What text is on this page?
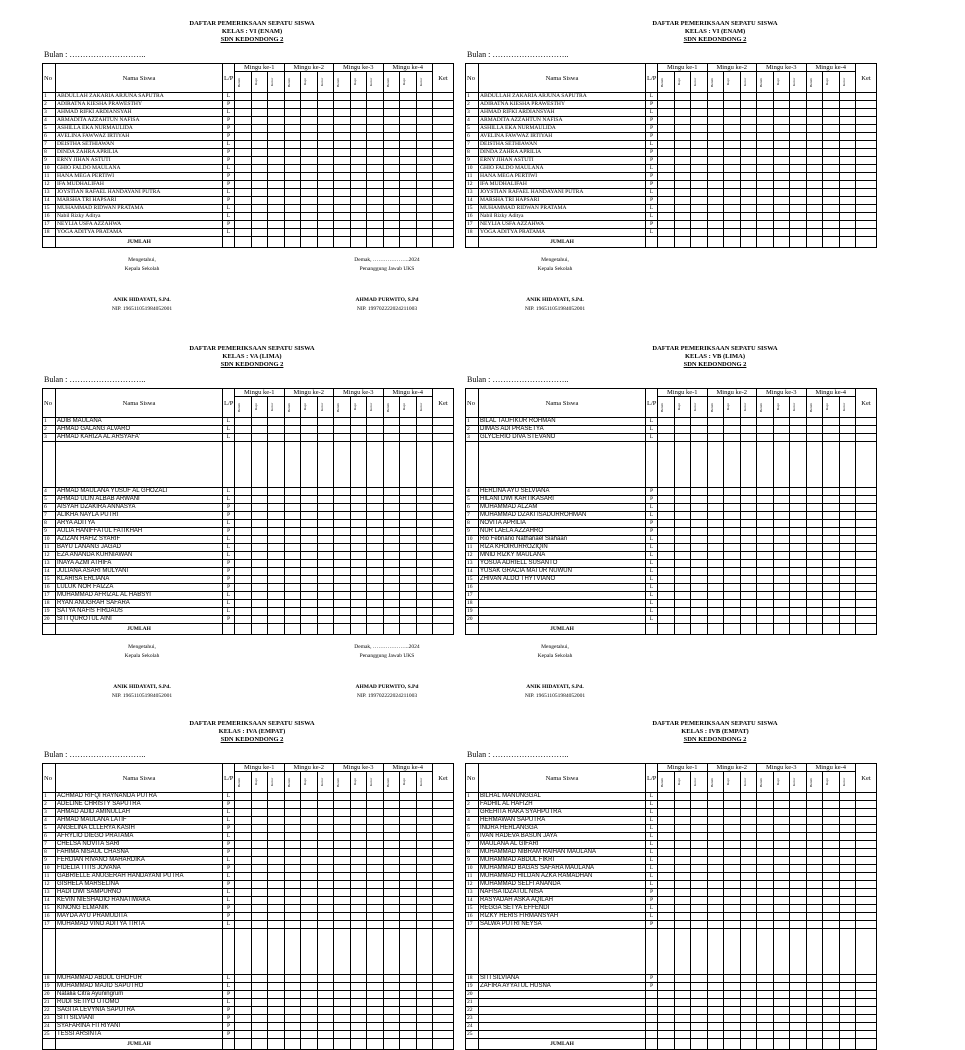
DAFTAR PEMERIKSAAN SEPATU SISWA
KELAS : VI (ENAM)
SDN KEDONDONG 2
Bulan : ………………………..
No	Nama Siswa	L/P	Mingu ke-1			Mingu ke-2			Mingu ke-3			Mingu ke-4			Ket

			Bersih	Rapi	Kotor	Bersih	Rapi	Kotor	Bersih	Rapi	Kotor	Bersih	Rapi	Kotor	

1	ABDULLAH ZAKARIA ARJUNA SAPUTRA	L													
2	ADIRATNA KIESHA PRAWESTHY	P													
3	AHMAD RIFKI ARDIANSYAH	L													
4	ARMADITA AZZAHTUN NAFISA	P													
5	ASHILLA EKA NURMAULIDA	P													
6	AVELINA FAWWAZ IRTIYAH	P													
7	DEISTHA SETHIAWAN	L													
8	DINDA ZAHRA APRILIA	P													
9	ERNY JIHAN ASTUTI	P													
10	GHIO FALDO MAULANA	L													
11	HANA MEGA PERTIWI	P													
12	IFA MUDHALIFAH	P													
13	JOYSTIAN RAFAEL HANDAYANI PUTRA	L													
14	MARSHA TRI HAPSARI	P													
15	MUHAMMAD RIDWAN PRATAMA	L													
16	Nabil Rizky Aditya	L													
17	NEYLIA USFA AZZAHWA	P													
18	YOGA ADITYA PRATAMA	L													
	JUMLAH														
Mengetahui,
Kepala Sekolah
Demak, ………………..2024
Penanggung Jawab UKS
ANIK HIDAYATI, S.Pd.
NIP. 196511051984052001
AHMAD PURWITO, S.Pd
NIP. 199702222024211003
DAFTAR PEMERIKSAAN SEPATU SISWA
KELAS : VI (ENAM)
SDN KEDONDONG 2
Bulan : ………………………..
No	Nama Siswa	L/P	Mingu ke-1			Mingu ke-2			Mingu ke-3			Mingu ke-4			Ket

			Bersih	Rapi	Kotor	Bersih	Rapi	Kotor	Bersih	Rapi	Kotor	Bersih	Rapi	Kotor	

1	ABDULLAH ZAKARIA ARJUNA SAPUTRA	L													
2	ADIRATNA KIESHA PRAWESTHY	P													
3	AHMAD RIFKI ARDIANSYAH	L													
4	ARMADITA AZZAHTUN NAFISA	P													
5	ASHILLA EKA NURMAULIDA	P													
6	AVELINA FAWWAZ IRTIYAH	P													
7	DEISTHA SETHIAWAN	L													
8	DINDA ZAHRA APRILIA	P													
9	ERNY JIHAN ASTUTI	P													
10	GHIO FALDO MAULANA	L													
11	HANA MEGA PERTIWI	P													
12	IFA MUDHALIFAH	P													
13	JOYSTIAN RAFAEL HANDAYANI PUTRA	L													
14	MARSHA TRI HAPSARI	P													
15	MUHAMMAD RIDWAN PRATAMA	L													
16	Nabil Rizky Aditya	L													
17	NEYLIA USFA AZZAHWA	P													
18	YOGA ADITYA PRATAMA	L													
	JUMLAH														
Mengetahui,
Kepala Sekolah
ANIK HIDAYATI, S.Pd.
NIP. 196511051984052001
DAFTAR PEMERIKSAAN SEPATU SISWA
KELAS : VA (LIMA)
SDN KEDONDONG 2
Bulan : ………………………..
No	Nama Siswa	L/P	Mingu ke-1			Mingu ke-2			Mingu ke-3			Mingu ke-4			Ket

			Bersih	Rapi	Kotor	Bersih	Rapi	Kotor	Bersih	Rapi	Kotor	Bersih	Rapi	Kotor	

1	ADIB MAULANA	L													
2	AHMAD GALANG ALVARO	L													
3	AHMAD KARIZA AL ARSYAFA'	L													

4	AHMAD MAULANA YUSUF AL GHOZALI	L													
5	AHMAD ULIN ALBAB ARWANI	L													
6	AISYAH DZAKIRA ANNASYA	P													
7	ALIKHA NAYLA PUTRI	P													
8	ARYA ADITYA	L													
9	AULIA HANIFFATUL FATIKHAH	P													
10	AZIZAN HAFIZ SYARIF	L													
11	BAYU LANANG JAGAD	L													
12	EZA ANANDA KURNIAWAN	L													
13	INAYA AZMI ATHIFA	P													
14	JULIANA ASARI MULYANI	P													
15	KLARISA ERLIANA	P													
16	LULUK NOR FAIZZA	P													
17	MUHAMMAD AFRIZAL AL HABSYI	L													
18	RYAN ANUGRAH SAFARA	L													
19	SATYA NAFIS FIRDAUS	L													
20	SITI QUROTUL AINI	P													
	JUMLAH														
Mengetahui,
Kepala Sekolah
Demak, ………………..2024
Penanggung Jawab UKS
ANIK HIDAYATI, S.Pd.
NIP. 196511051984052001
AHMAD PURWITO, S.Pd
NIP. 199702222024211003
DAFTAR PEMERIKSAAN SEPATU SISWA
KELAS : VB (LIMA)
SDN KEDONDONG 2
Bulan : ………………………..
No	Nama Siswa	L/P	Mingu ke-1			Mingu ke-2			Mingu ke-3			Mingu ke-4			Ket

			Bersih	Rapi	Kotor	Bersih	Rapi	Kotor	Bersih	Rapi	Kotor	Bersih	Rapi	Kotor	

1	BILAL TAUFIKUR ROHMAN	L													
2	DIMAS ADI PRASETYA	L													
3	GLYCERIO DIVA STEVANO	L													

4	HERLINA AYU SELVIANA	P													
5	HILANI DWI KARTIKASARI	P													
6	MUHAMMAD ALZAM	L													
7	MUHAMMAD DZAKI ISADURROHMAN	L													
8	NOVITA APRILIA	P													
9	NUR LAELA AZZAHRO	P													
10	Rio Febriano Nathanael Siahaan	L													
11	RIZA KHOIRURROZIQIN	L													
12	MNID RIZKY MAULANA	L													
13	YOSUA ADRIELL SUSANTO	L													
14	YUSAK GRACIA MATUR NUWUN	L													
15	ZHIVAN ALDO THYTVIANO	L													
16		L													
17		L													
18		L													
19		L													
20		L													
	JUMLAH														
Mengetahui,
Kepala Sekolah
ANIK HIDAYATI, S.Pd.
NIP. 196511051984052001
DAFTAR PEMERIKSAAN SEPATU SISWA
KELAS : IVA (EMPAT)
SDN KEDONDONG 2
Bulan : ………………………..
No	Nama Siswa	L/P	Mingu ke-1			Mingu ke-2			Mingu ke-3			Mingu ke-4			Ket

			Bersih	Rapi	Kotor	Bersih	Rapi	Kotor	Bersih	Rapi	Kotor	Bersih	Rapi	Kotor	

1	ACHMAD RIFQI RAYNANDA PUTRA	L													
2	ADELINE CHRISTY SAPUTRA	P													
3	AHMAD ADID AMINULLAH	L													
4	AHMAD MAULANA LATIF	L													
5	ANGELINA CLLERYA KASIH	P													
6	AFRYLIO DIEGO PRATAMA	L													
7	CHELSA NOVITA SARI	P													
8	FAHIMA NISAUL CHASNA	P													
9	FERDIAN RIVANO MAHARDIKA	L													
10	FIDELIA TITIS JOVANA	P													
11	GABRIELLE ANUGERAH HANDAYANI PUTRA	L													
12	GISHELA MARSELINA	P													
13	HADI DWI SAMPURNO	L													
14	KEVIN NIESHADIO RANATIWAKA	L													
15	KINONG ELMANIK	P													
16	MAYDA AYU PRAMUDITA	P													
17	MUHAMAD VINO ADITYA TIRTA	L													

18	MUHAMMAD ABDUL GHOFUR	L													
19	MUHAMMAD MAJID SAPUTRO	L													
20	Natalia Citra Ayuningrum	P													
21	RUDI SETIYO UTOMO	L													
22	SAGITA LEVYNIA SAPUTRA	P													
23	SITI SILVIANI	P													
24	SYAFARINA FITRIYANI	P													
25	TESSI ARSINTA	P													
	JUMLAH														
DAFTAR PEMERIKSAAN SEPATU SISWA
KELAS : IVB (EMPAT)
SDN KEDONDONG 2
Bulan : ………………………..
No	Nama Siswa	L/P	Mingu ke-1			Mingu ke-2			Mingu ke-3			Mingu ke-4			Ket

			Bersih	Rapi	Kotor	Bersih	Rapi	Kotor	Bersih	Rapi	Kotor	Bersih	Rapi	Kotor	

1	BILHAL MANUNGGAL	L													
2	FADHIL AL HAFIZH	L													
3	GREHITA RAKA SYAHPUTRA	L													
4	HERMAWAN SAPUTRA	L													
5	INDRA HERLANGGA	L													
6	IVAN RADEVA BASUN JAYA	L													
7	MAULANA AL GIFARI	L													
8	MUHAMMAD NIBRAM RAIHAN MAULANA	L													
9	MUHAMMAD ABDUL FIKRI	L													
10	MUHAMMAD BAGAS SAFARA MAULANA	L													
11	MUHAMMAD HILDAN AZKA RAMADHAN	L													
12	MUHAMMAD SELFI ANANDA	L													
13	NAFISA IDZATUL NISA	P													
14	RASYADAH ASKA AQILAH	P													
15	REGGA SETYA EFFENDI	L													
16	RIZKY HERIS FIRMANSYAH	L													
17	SALWA PUTRI NEYSA	P													

18	SITI SILVIANA	P													
19	ZAFIRA AYYATUL HUSNA	P													
20															
21															
22															
23															
24															
25															
	JUMLAH														
